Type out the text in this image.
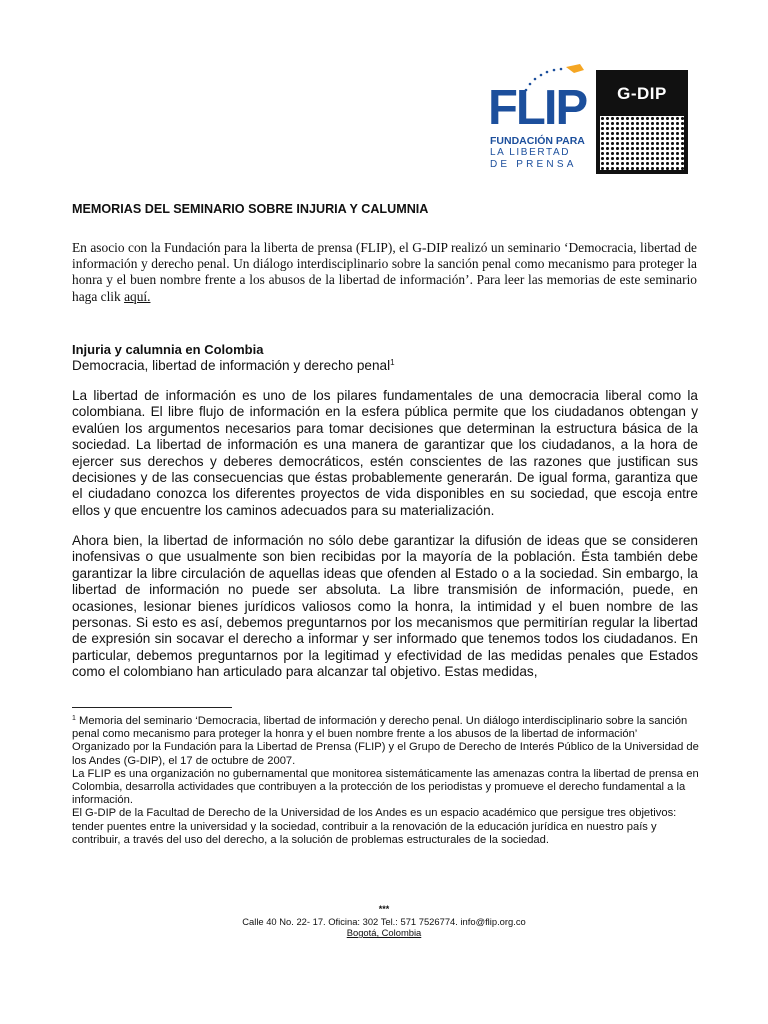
FLIP
FUNDACIÓN PARA
LA LIBERTAD
DE PRENSA
G-DIP
MEMORIAS DEL SEMINARIO SOBRE INJURIA Y CALUMNIA
En asocio con la Fundación para la liberta de prensa (FLIP), el G-DIP realizó un seminario ‘Democracia, libertad de información y derecho penal. Un diálogo interdisciplinario sobre la sanción penal como mecanismo para proteger la honra y el buen nombre frente a los abusos de la libertad de información’. Para leer las memorias de este seminario haga clik aquí.
Injuria y calumnia en Colombia
Democracia, libertad de información y derecho penal$^1$
La libertad de información es uno de los pilares fundamentales de una democracia liberal como la colombiana. El libre flujo de información en la esfera pública permite que los ciudadanos obtengan y evalúen los argumentos necesarios para tomar decisiones que determinan la estructura básica de la sociedad. La libertad de información es una manera de garantizar que los ciudadanos, a la hora de ejercer sus derechos y deberes democráticos, estén conscientes de las razones que justifican sus decisiones y de las consecuencias que éstas probablemente generarán. De igual forma, garantiza que el ciudadano conozca los diferentes proyectos de vida disponibles en su sociedad, que escoja entre ellos y que encuentre los caminos adecuados para su materialización.
Ahora bien, la libertad de información no sólo debe garantizar la difusión de ideas que se consideren inofensivas o que usualmente son bien recibidas por la mayoría de la población. Ésta también debe garantizar la libre circulación de aquellas ideas que ofenden al Estado o a la sociedad. Sin embargo, la libertad de información no puede ser absoluta. La libre transmisión de información, puede, en ocasiones, lesionar bienes jurídicos valiosos como la honra, la intimidad y el buen nombre de las personas. Si esto es así, debemos preguntarnos por los mecanismos que permitirían regular la libertad de expresión sin socavar el derecho a informar y ser informado que tenemos todos los ciudadanos. En particular, debemos preguntarnos por la legitimad y efectividad de las medidas penales que Estados como el colombiano han articulado para alcanzar tal objetivo. Estas medidas,

$^1$ Memoria del seminario ‘Democracia, libertad de información y derecho penal. Un diálogo interdisciplinario sobre la sanción penal como mecanismo para proteger la honra y el buen nombre frente a los abusos de la libertad de información’

Organizado por la Fundación para la Libertad de Prensa (FLIP) y el Grupo de Derecho de Interés Público de la Universidad de los Andes (G-DIP), el 17 de octubre de 2007.

La FLIP es una organización no gubernamental que monitorea sistemáticamente las amenazas contra la libertad de prensa en Colombia, desarrolla actividades que contribuyen a la protección de los periodistas y promueve el derecho fundamental a la información.

El G-DIP de la Facultad de Derecho de la Universidad de los Andes es un espacio académico que persigue tres objetivos: tender puentes entre la universidad y la sociedad, contribuir a la renovación de la educación jurídica en nuestro país y contribuir, a través del uso del derecho, a la solución de problemas estructurales de la sociedad.

***
Calle 40 No. 22- 17. Oficina: 302 Tel.: 571 7526774. info@flip.org.co
Bogotá, Colombia
